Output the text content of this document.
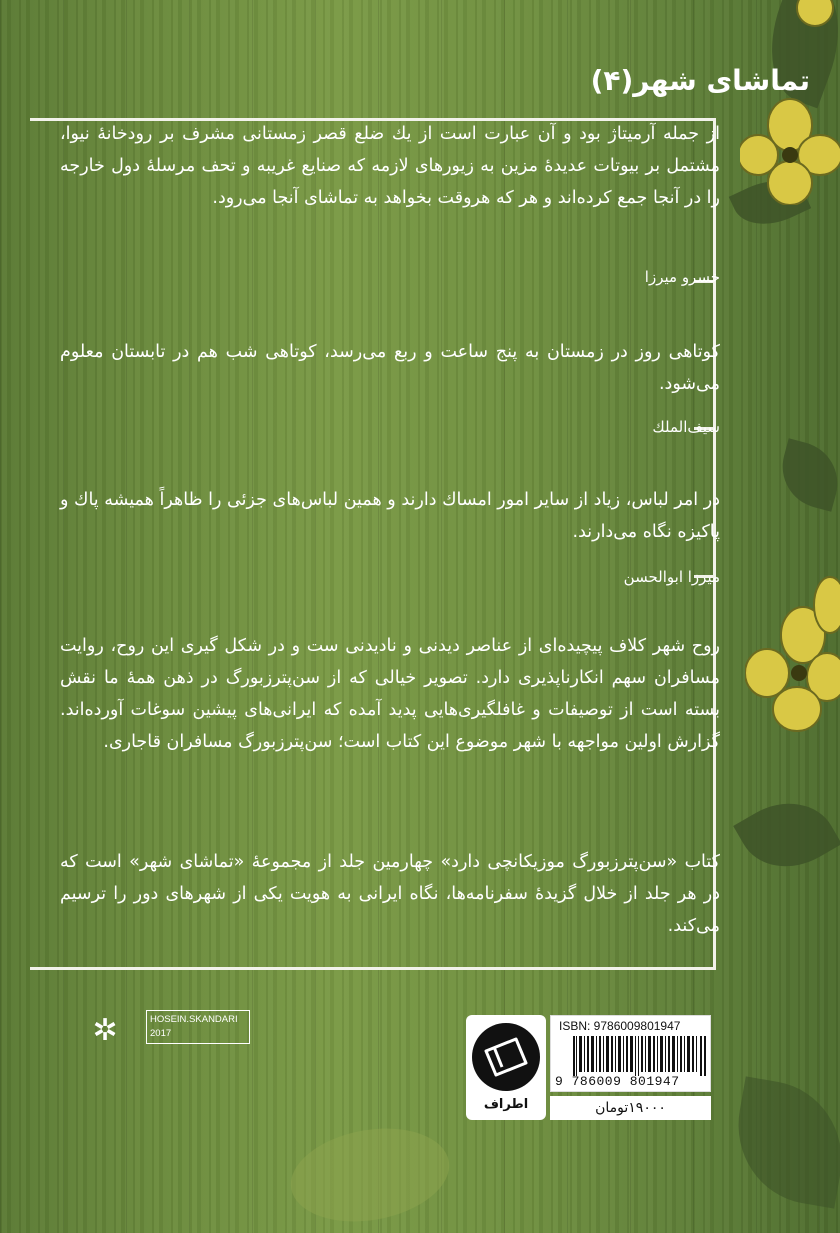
تماشای شهر(۴)
از جمله آرمیتاژ بود و آن عبارت است از یك ضلع قصر زمستانی مشرف بر رودخانهٔ نیوا، مشتمل بر بیوتات عدیدهٔ مزین به زیورهای لازمه که صنایع غریبه و تحف مرسلهٔ دول خارجه را در آنجا جمع کرده‌اند و هر که هروقت بخواهد به تماشای آنجا می‌رود.
خسرو میرزا
کوتاهی روز در زمستان به پنج ساعت و ربع می‌رسد، کوتاهی شب هم در تابستان معلوم می‌شود.
سیف‌الملك
در امر لباس، زیاد از سایر امور امساك دارند و همین لباس‌های جزئی را ظاهراً همیشه پاك و پاکیزه نگاه می‌دارند.
میرزا ابوالحسن
روح شهر کلاف پیچیده‌ای از عناصر دیدنی و نادیدنی ست و در شکل گیری این روح، روایت مسافران سهم انکارناپذیری دارد. تصویر خیالی که از سن‌پترزبورگ در ذهن همهٔ ما نقش بسته است از توصیفات و غافلگیری‌هایی پدید آمده که ایرانی‌های پیشین سوغات آورده‌اند. گزارش اولین مواجهه با شهر موضوع این کتاب است؛ سن‌پترزبورگ مسافران قاجاری.
کتاب «سن‌پترزبورگ موزیکانچی دارد» چهارمین جلد از مجموعهٔ «تماشای شهر» است که در هر جلد از خلال گزیدهٔ سفرنامه‌ها، نگاه ایرانی به هویت یکی از شهرهای دور را ترسیم می‌کند.
✲	HOSEIN.SKANDARI
2017
اطراف
ISBN: 9786009801947
9 786009 801947
۱۹۰۰۰تومان
